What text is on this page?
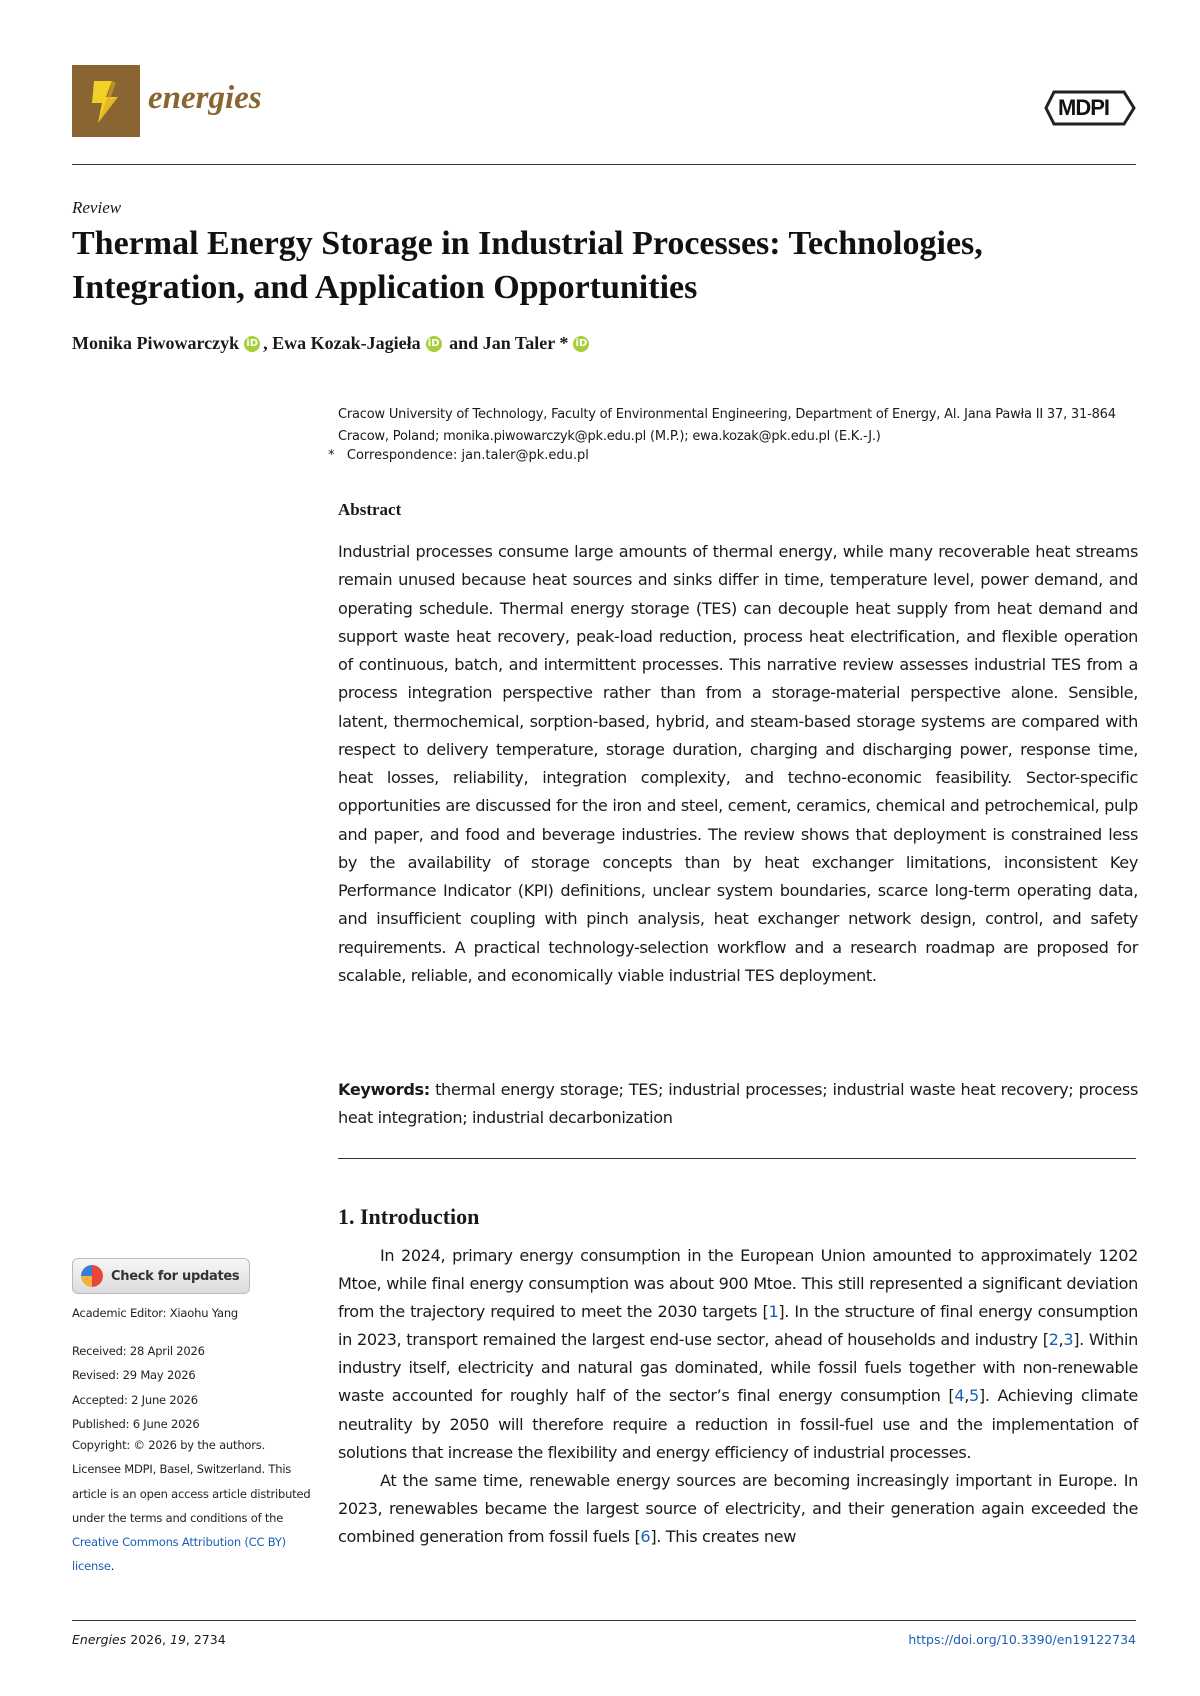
energies	MDPI
Review
Thermal Energy Storage in Industrial Processes: Technologies, Integration, and Application Opportunities
Monika Piwowarczyk iD , Ewa Kozak-Jagieła iD and Jan Taler * iD
Cracow University of Technology, Faculty of Environmental Engineering, Department of Energy, Al. Jana Pawła II 37, 31-864 Cracow, Poland; monika.piwowarczyk@pk.edu.pl (M.P.); ewa.kozak@pk.edu.pl (E.K.-J.)
* Correspondence: jan.taler@pk.edu.pl
Abstract
Industrial processes consume large amounts of thermal energy, while many recoverable heat streams remain unused because heat sources and sinks differ in time, temperature level, power demand, and operating schedule. Thermal energy storage (TES) can decouple heat supply from heat demand and support waste heat recovery, peak-load reduction, process heat electrification, and flexible operation of continuous, batch, and intermittent processes. This narrative review assesses industrial TES from a process integration perspective rather than from a storage-material perspective alone. Sensible, latent, thermochemical, sorption-based, hybrid, and steam-based storage systems are compared with respect to delivery temperature, storage duration, charging and discharging power, response time, heat losses, reliability, integration complexity, and techno-economic feasibility. Sector-specific opportunities are discussed for the iron and steel, cement, ceramics, chemical and petrochemical, pulp and paper, and food and beverage industries. The review shows that deployment is constrained less by the availability of storage concepts than by heat exchanger limitations, inconsistent Key Performance Indicator (KPI) definitions, unclear system boundaries, scarce long-term operating data, and insufficient coupling with pinch analysis, heat exchanger network design, control, and safety requirements. A practical technology-selection workflow and a research roadmap are proposed for scalable, reliable, and economically viable industrial TES deployment.
Keywords: thermal energy storage; TES; industrial processes; industrial waste heat recovery; process heat integration; industrial decarbonization
1. Introduction

In 2024, primary energy consumption in the European Union amounted to approximately 1202 Mtoe, while final energy consumption was about 900 Mtoe. This still represented a significant deviation from the trajectory required to meet the 2030 targets [1]. In the structure of final energy consumption in 2023, transport remained the largest end-use sector, ahead of households and industry [2,3]. Within industry itself, electricity and natural gas dominated, while fossil fuels together with non-renewable waste accounted for roughly half of the sector’s final energy consumption [4,5]. Achieving climate neutrality by 2050 will therefore require a reduction in fossil-fuel use and the implementation of solutions that increase the flexibility and energy efficiency of industrial processes.

At the same time, renewable energy sources are becoming increasingly important in Europe. In 2023, renewables became the largest source of electricity, and their generation again exceeded the combined generation from fossil fuels [6]. This creates new

Check for updates
Academic Editor: Xiaohu Yang
Received: 28 April 2026
Revised: 29 May 2026
Accepted: 2 June 2026
Published: 6 June 2026
Copyright: © 2026 by the authors. Licensee MDPI, Basel, Switzerland. This article is an open access article distributed under the terms and conditions of the Creative Commons Attribution (CC BY) license.
Energies 2026, 19, 2734	https://doi.org/10.3390/en19122734
